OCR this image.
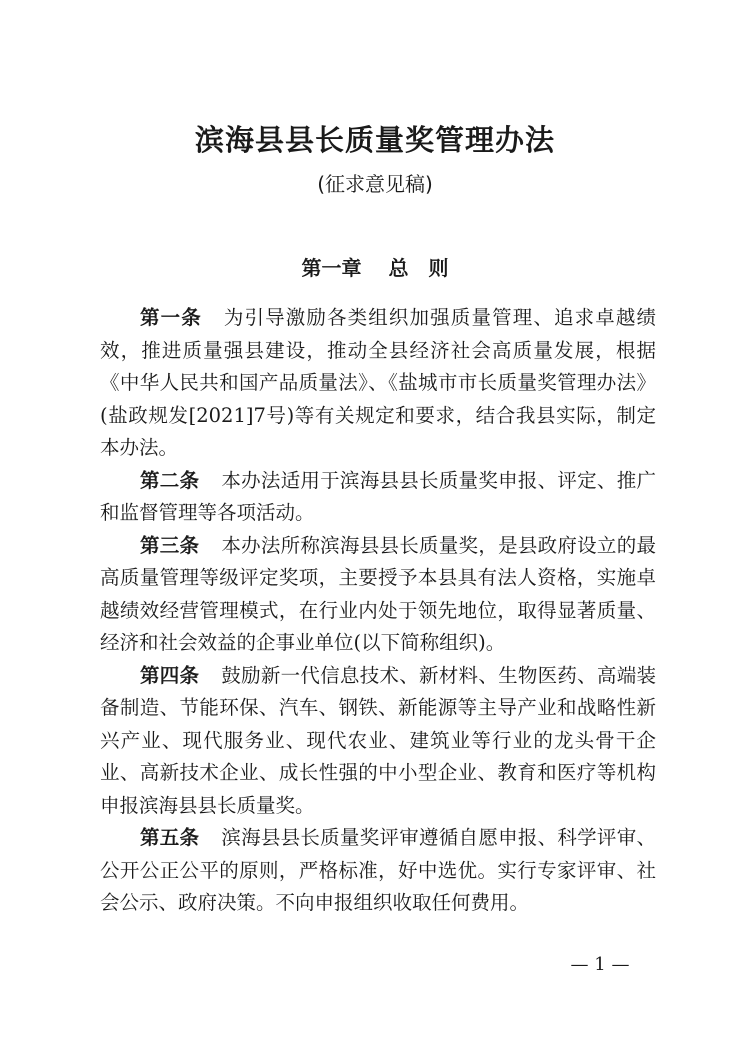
滨海县县长质量奖管理办法
(征求意见稿)
第一章　 总　则

第一条 为引导激励各类组织加强质量管理、追求卓越绩效，推进质量强县建设，推动全县经济社会高质量发展，根据《中华人民共和国产品质量法》、《盐城市市长质量奖管理办法》(盐政规发[2021]7号)等有关规定和要求，结合我县实际，制定本办法。

第二条 本办法适用于滨海县县长质量奖申报、评定、推广和监督管理等各项活动。

第三条 本办法所称滨海县县长质量奖，是县政府设立的最高质量管理等级评定奖项，主要授予本县具有法人资格，实施卓越绩效经营管理模式，在行业内处于领先地位，取得显著质量、经济和社会效益的企事业单位(以下简称组织)。

第四条 鼓励新一代信息技术、新材料、生物医药、高端装备制造、节能环保、汽车、钢铁、新能源等主导产业和战略性新兴产业、现代服务业、现代农业、建筑业等行业的龙头骨干企业、高新技术企业、成长性强的中小型企业、教育和医疗等机构申报滨海县县长质量奖。

第五条 滨海县县长质量奖评审遵循自愿申报、科学评审、公开公正公平的原则，严格标准，好中选优。实行专家评审、社会公示、政府决策。不向申报组织收取任何费用。

— 1 —
